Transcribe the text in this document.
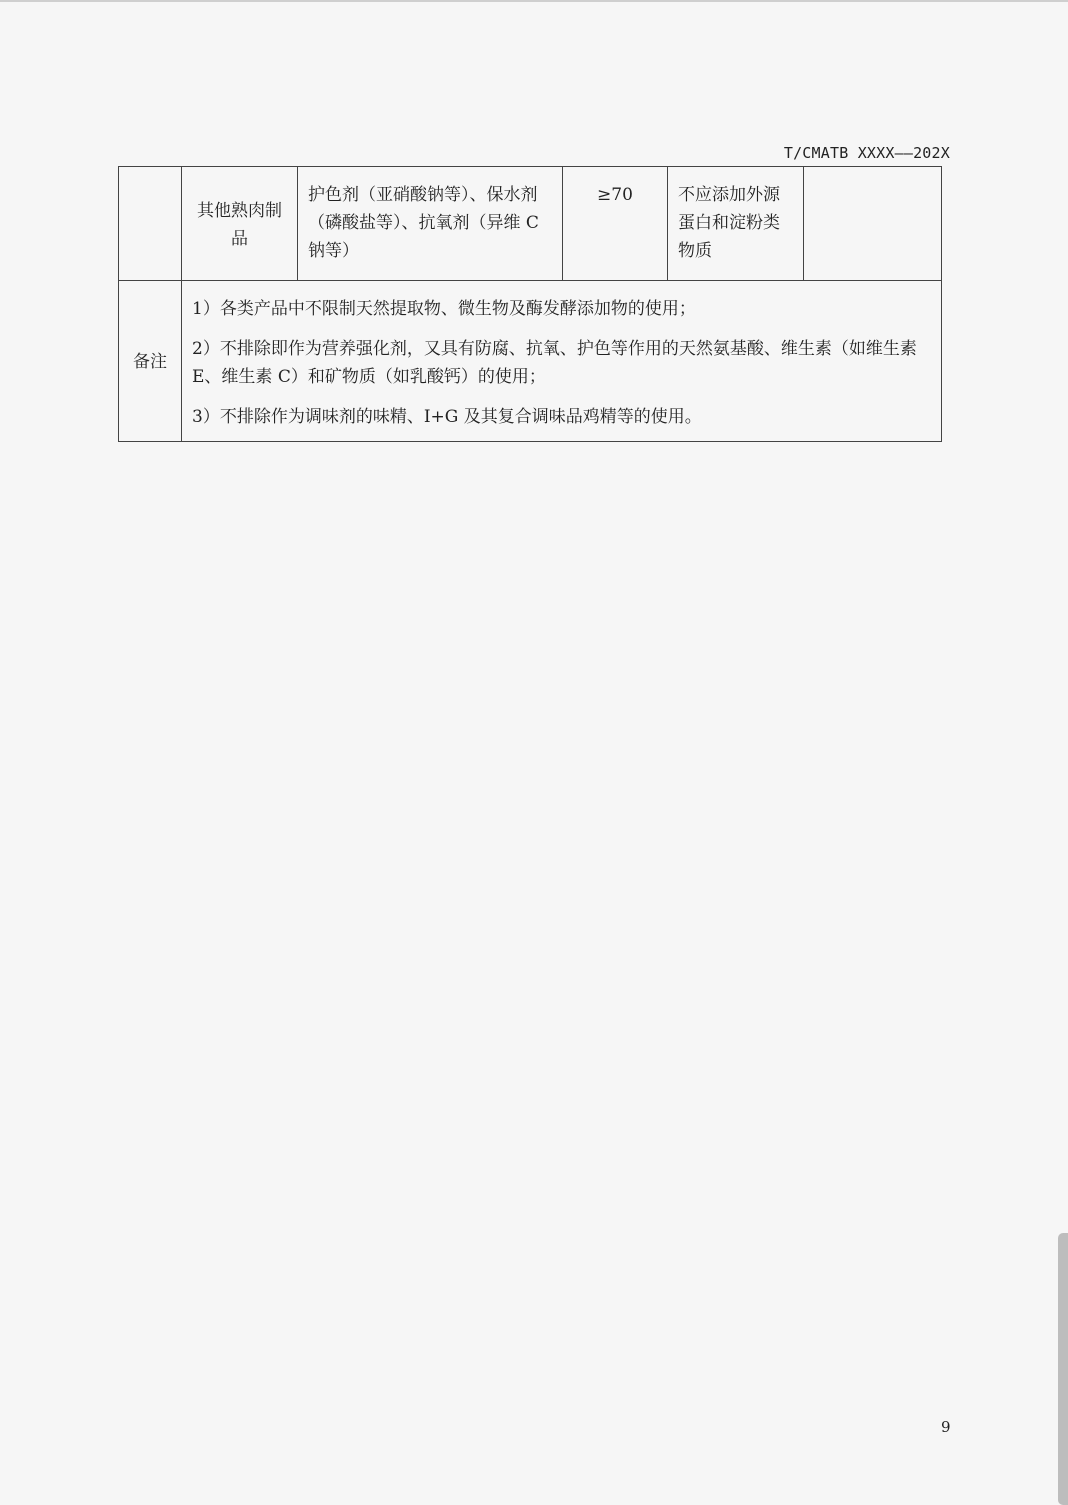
T/CMATB XXXX——202X
	其他熟肉制品	护色剂（亚硝酸钠等）、保水剂（磷酸盐等）、抗氧剂（异维 C 钠等）	≥70	不应添加外源蛋白和淀粉类物质	
备注	1）各类产品中不限制天然提取物、微生物及酶发酵添加物的使用；

2）不排除即作为营养强化剂，又具有防腐、抗氧、护色等作用的天然氨基酸、维生素（如维生素 E、维生素 C）和矿物质（如乳酸钙）的使用；

3）不排除作为调味剂的味精、I+G 及其复合调味品鸡精等的使用。				

9
